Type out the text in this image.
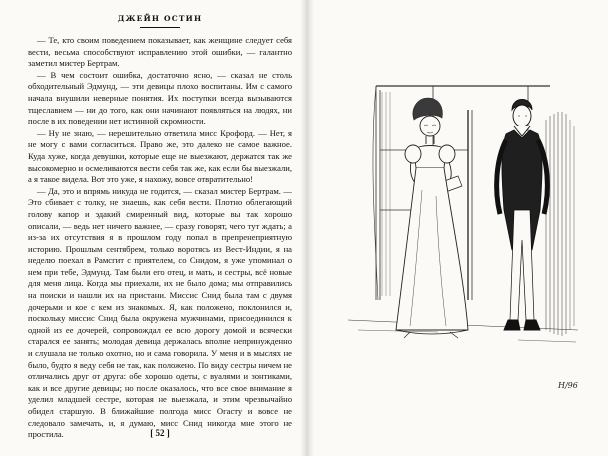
ДЖЕЙН ОСТИН

— Те, кто своим поведением показывает, как женщине следует себя вести, весьма способствуют исправлению этой ошибки, — галантно заметил мистер Бертрам.

— В чем состоит ошибка, достаточно ясно, — сказал не столь обходительный Эдмунд, — эти девицы плохо воспитаны. Им с самого начала внушили неверные понятия. Их поступки всегда вызываются тщеславием — ни до того, как они начинают появляться на людях, ни после в их поведении нет истинной скромности.

— Ну не знаю, — нерешительно ответила мисс Крофорд. — Нет, я не могу с вами согласиться. Право же, это далеко не самое важное. Куда хуже, когда девушки, которые еще не выезжают, держатся так же высокомерно и осмеливаются вести себя так же, как если бы выезжали, а я такое видела. Вот это уже, я нахожу, вовсе отвратительно!

— Да, это и впрямь никуда не годится, — сказал мистер Бертрам. — Это сбивает с толку, не знаешь, как себя вести. Плотно облегающий голову капор и эдакий смиренный вид, которые вы так хорошо описали, — ведь нет ничего важнее, — сразу говорят, чего тут ждать; а из-за их отсутствия я в прошлом году попал в препренеприятную историю. Прошлым сентябрем, только воротясь из Вест-Индии, я на неделю поехал в Рамсгит с приятелем, со Снидом, я уже упоминал о нем при тебе, Эдмунд. Там были его отец, и мать, и сестры, всё новые для меня лица. Когда мы приехали, их не было дома; мы отправились на поиски и нашли их на пристани. Миссис Снид была там с двумя дочерьми и кое с кем из знакомых. Я, как положено, поклонился и, поскольку миссис Снид была окружена мужчинами, присоединился к одной из ее дочерей, сопровождал ее всю дорогу домой и всячески старался ее занять; молодая девица держалась вполне непринужденно и слушала не только охотно, но и сама говорила. У меня и в мыслях не было, будто я веду себя не так, как положено. По виду сестры ничем не отличались друг от друга: обе хорошо одеты, с вуалями и зонтиками, как и все другие девицы; но после оказалось, что все свое внимание я уделил младшей сестре, которая не выезжала, и этим чрезвычайно обидел старшую. В ближайшие полгода мисс Огасту и вовсе не следовало замечать, и, я думаю, мисс Снид никогда мне этого не простила.	[ 52 ]
H/96
